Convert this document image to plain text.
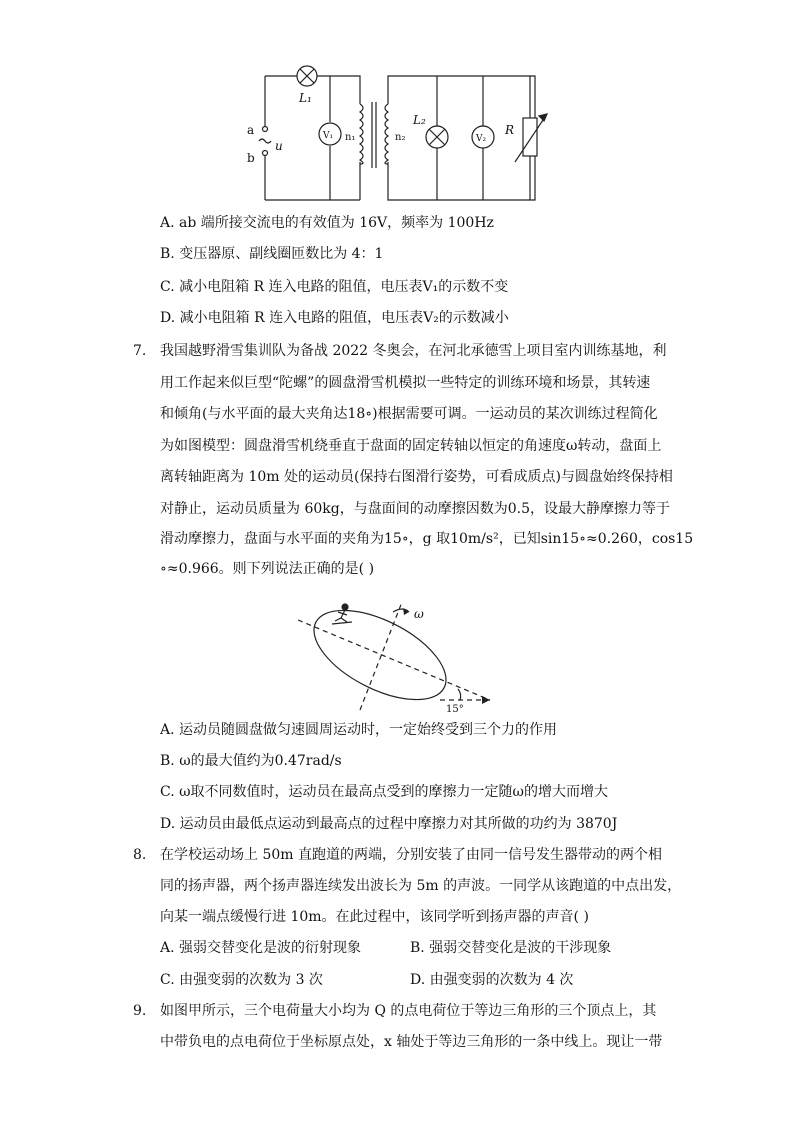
L₁
a
b
u
V₁ n₁	n₂
L₂
V₂
R
A. ab 端所接交流电的有效值为 16V，频率为 100Hz
B. 变压器原、副线圈匝数比为 4：1
C. 减小电阻箱 R 连入电路的阻值，电压表V₁的示数不变
D. 减小电阻箱 R 连入电路的阻值，电压表V₂的示数减小
7. 我国越野滑雪集训队为备战 2022 冬奥会，在河北承德雪上项目室内训练基地，利
用工作起来似巨型“陀螺”的圆盘滑雪机模拟一些特定的训练环境和场景，其转速
和倾角(与水平面的最大夹角达18∘)根据需要可调。一运动员的某次训练过程简化
为如图模型：圆盘滑雪机绕垂直于盘面的固定转轴以恒定的角速度ω转动，盘面上
离转轴距离为 10m 处的运动员(保持右图滑行姿势，可看成质点)与圆盘始终保持相
对静止，运动员质量为 60kg，与盘面间的动摩擦因数为0.5，设最大静摩擦力等于
滑动摩擦力，盘面与水平面的夹角为15∘，g 取10m/s²，已知sin15∘≈0.260，cos15
∘≈0.966。则下列说法正确的是( )
ω
15°
A. 运动员随圆盘做匀速圆周运动时，一定始终受到三个力的作用
B. ω的最大值约为0.47rad/s
C. ω取不同数值时，运动员在最高点受到的摩擦力一定随ω的增大而增大
D. 运动员由最低点运动到最高点的过程中摩擦力对其所做的功约为 3870J
8. 在学校运动场上 50m 直跑道的两端，分别安装了由同一信号发生器带动的两个相
同的扬声器，两个扬声器连续发出波长为 5m 的声波。一同学从该跑道的中点出发，
向某一端点缓慢行进 10m。在此过程中，该同学听到扬声器的声音( )
A. 强弱交替变化是波的衍射现象	B. 强弱交替变化是波的干涉现象
C. 由强变弱的次数为 3 次	D. 由强变弱的次数为 4 次
9. 如图甲所示，三个电荷量大小均为 Q 的点电荷位于等边三角形的三个顶点上，其
中带负电的点电荷位于坐标原点处，x 轴处于等边三角形的一条中线上。现让一带
